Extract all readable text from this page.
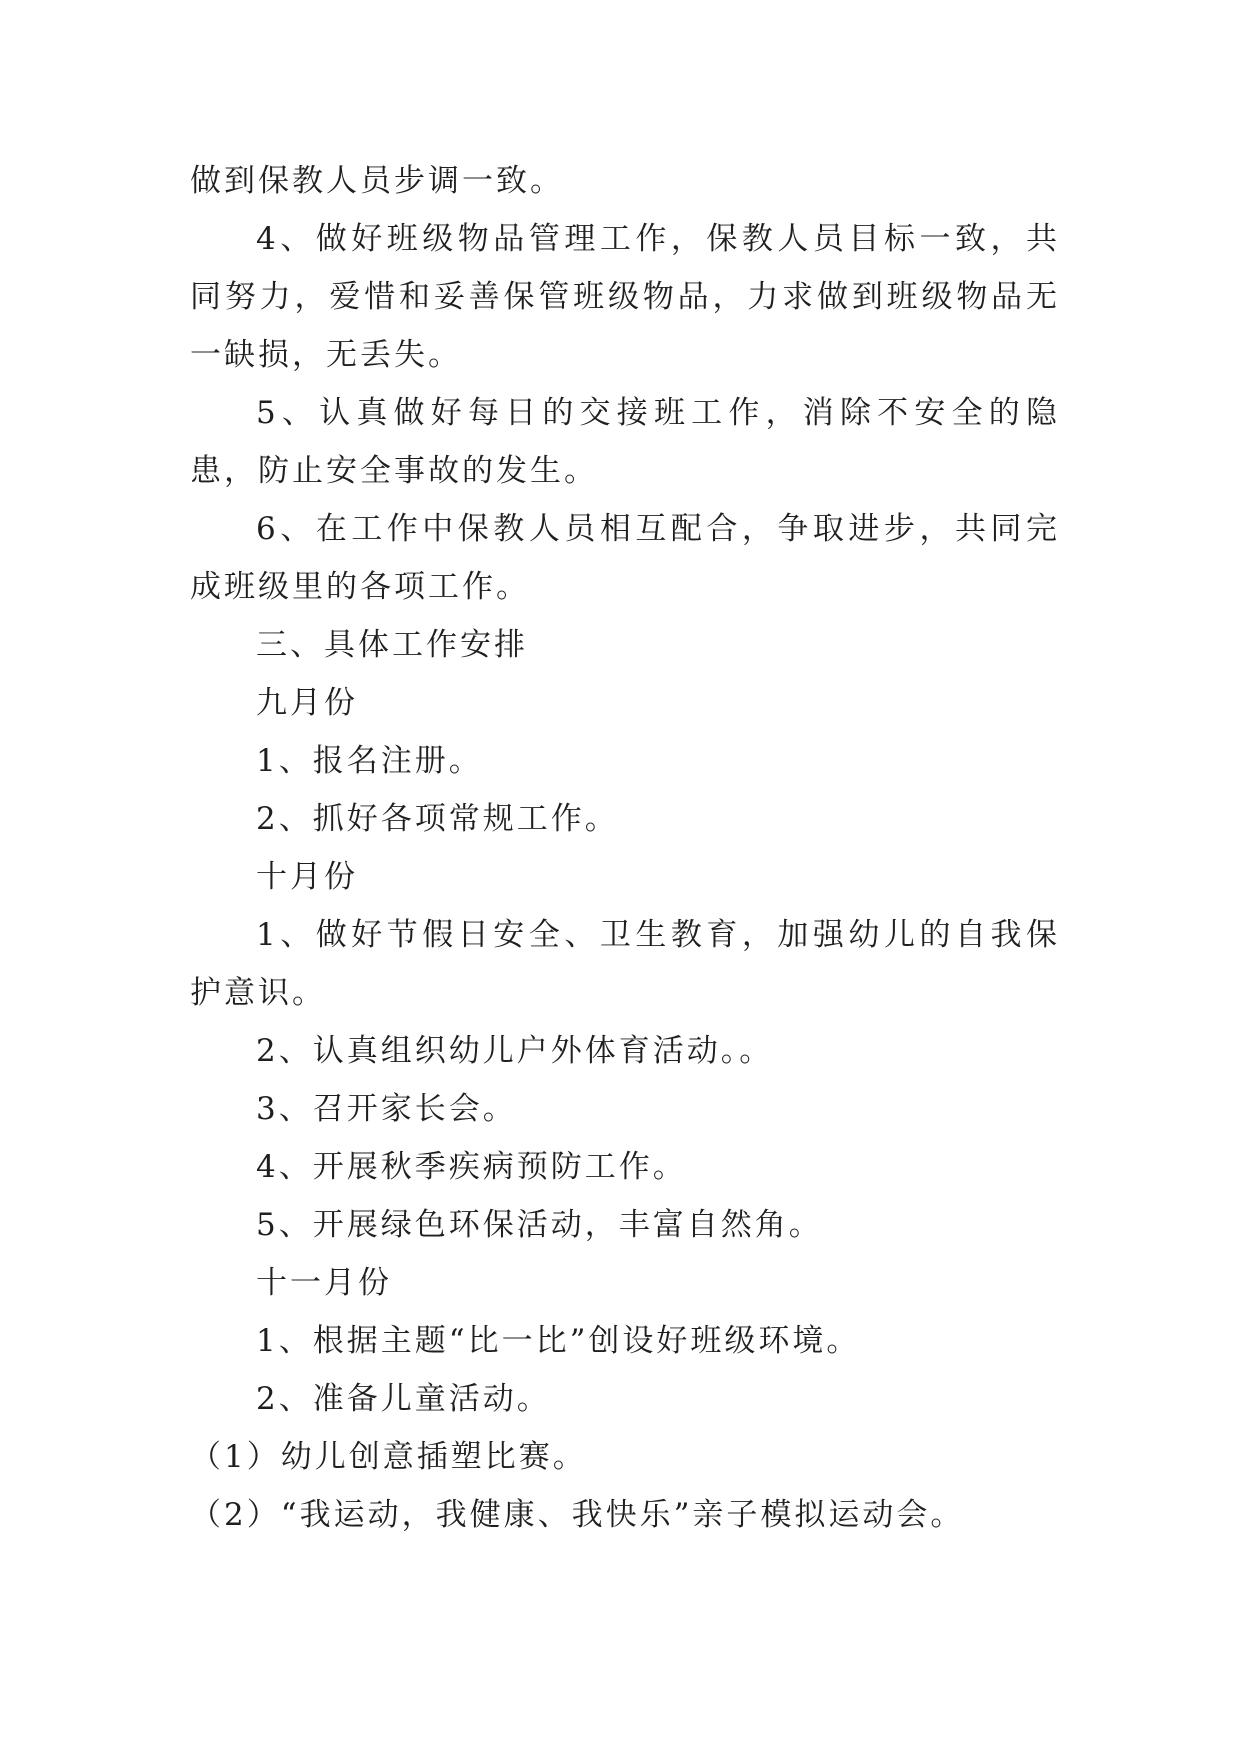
做到保教人员步调一致。

4、做好班级物品管理工作，保教人员目标一致，共同努力，爱惜和妥善保管班级物品，力求做到班级物品无一缺损，无丢失。

5、认真做好每日的交接班工作，消除不安全的隐患，防止安全事故的发生。

6、在工作中保教人员相互配合，争取进步，共同完成班级里的各项工作。

三、具体工作安排

九月份

1、报名注册。

2、抓好各项常规工作。

十月份

1、做好节假日安全、卫生教育，加强幼儿的自我保护意识。

2、认真组织幼儿户外体育活动。。

3、召开家长会。

4、开展秋季疾病预防工作。

5、开展绿色环保活动，丰富自然角。

十一月份

1、根据主题“比一比”创设好班级环境。

2、准备儿童活动。

（1）幼儿创意插塑比赛。

（2）“我运动，我健康、我快乐”亲子模拟运动会。
